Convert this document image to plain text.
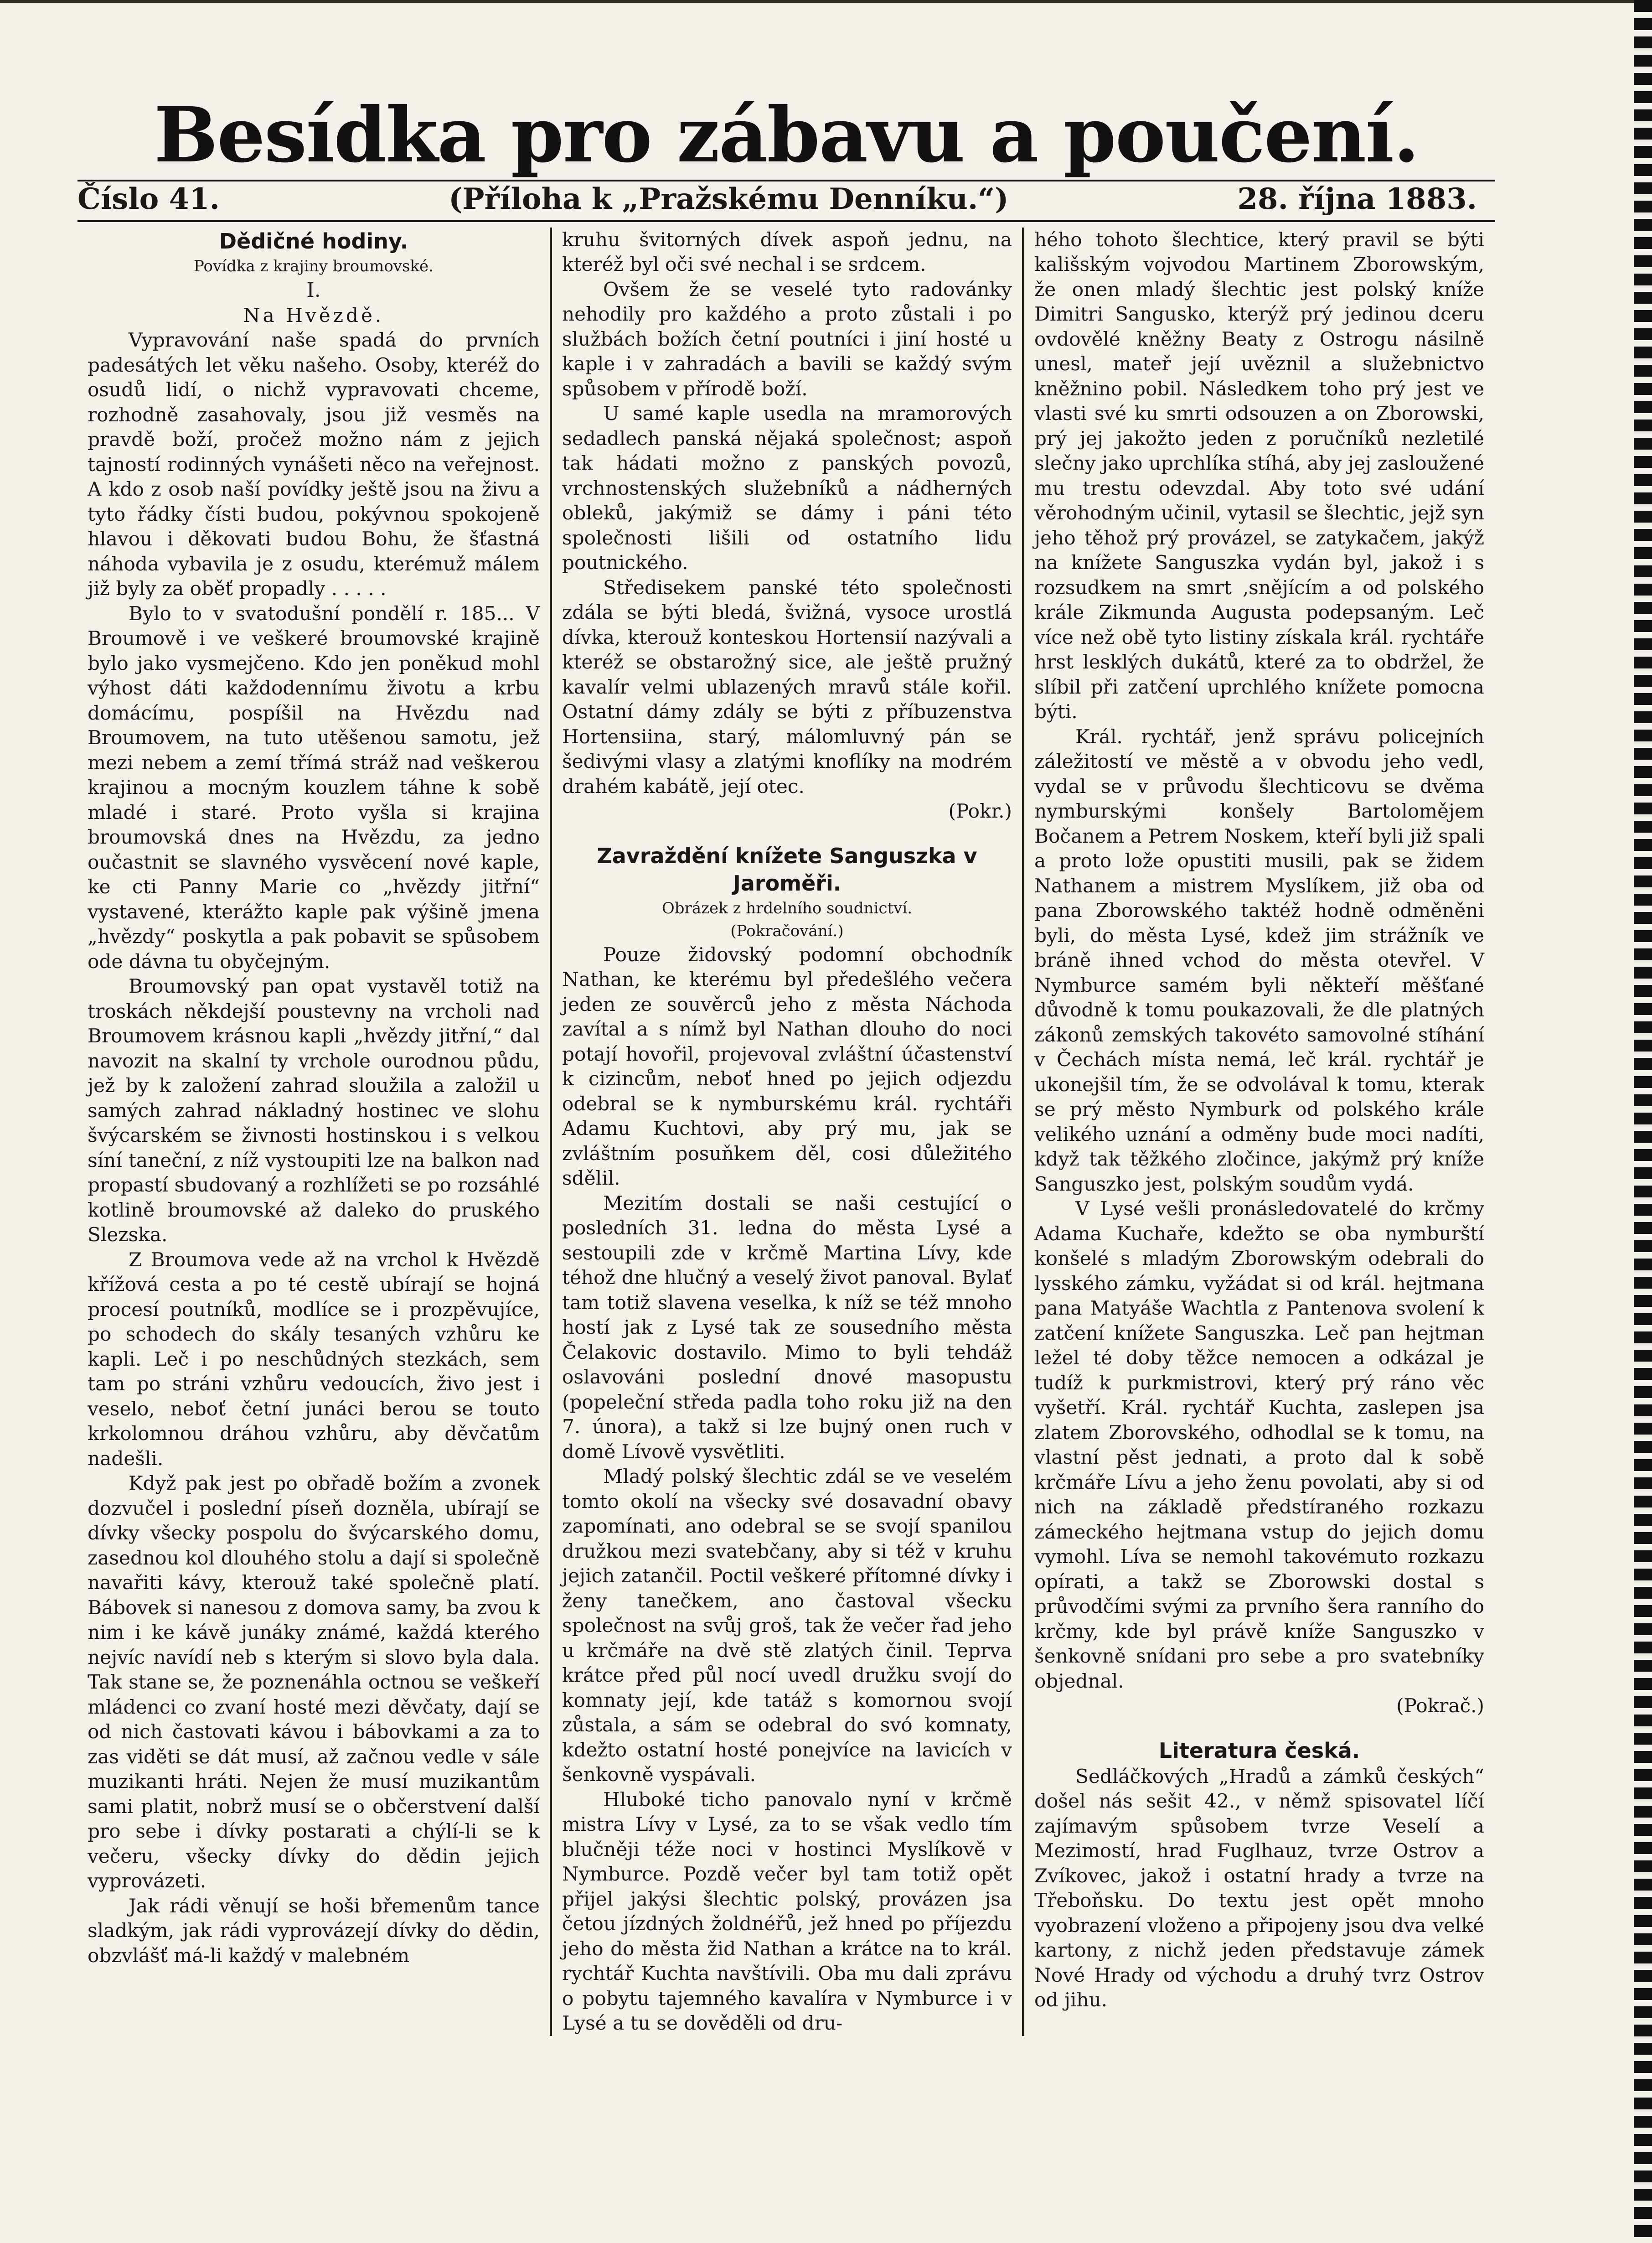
Besídka pro zábavu a poučení.
Číslo 41.	(Příloha k „Pražskému Denníku.“)	28. října 1883.
Dědičné hodiny.

Povídka z krajiny broumovské.

I.

Na Hvězdě.

Vypravování naše spadá do prvních padesátých let věku našeho. Osoby, kteréž do osudů lidí, o nichž vypravovati chceme, rozhodně zasahovaly, jsou již vesměs na pravdě boží, pročež možno nám z jejich tajností rodinných vynášeti něco na veřejnost. A kdo z osob naší povídky ještě jsou na živu a tyto řádky čísti budou, pokývnou spokojeně hlavou i děkovati budou Bohu, že šťastná náhoda vybavila je z osudu, kterémuž málem již byly za oběť propadly . . . . .

Bylo to v svatodušní pondělí r. 185... V Broumově i ve veškeré broumovské krajině bylo jako vysmejčeno. Kdo jen poněkud mohl výhost dáti každodennímu životu a krbu domácímu, pospíšil na Hvězdu nad Broumovem, na tuto utěšenou samotu, jež mezi nebem a zemí třímá stráž nad veškerou krajinou a mocným kouzlem táhne k sobě mladé i staré. Proto vyšla si krajina broumovská dnes na Hvězdu, za jedno oučastnit se slavného vysvěcení nové kaple, ke cti Panny Marie co „hvězdy jitřní“ vystavené, kterážto kaple pak výšině jmena „hvězdy“ poskytla a pak pobavit se spůsobem ode dávna tu obyčejným.

Broumovský pan opat vystavěl totiž na troskách někdejší poustevny na vrcholi nad Broumovem krásnou kapli „hvězdy jitřní,“ dal navozit na skalní ty vrchole ourodnou půdu, jež by k založení zahrad sloužila a založil u samých zahrad nákladný hostinec ve slohu švýcarském se živnosti hostinskou i s velkou síní taneční, z níž vystoupiti lze na balkon nad propastí sbudovaný a rozhlížeti se po rozsáhlé kotlině broumovské až daleko do pruského Slezska.

Z Broumova vede až na vrchol k Hvězdě křížová cesta a po té cestě ubírají se hojná procesí poutníků, modlíce se i prozpěvujíce, po schodech do skály tesaných vzhůru ke kapli. Leč i po neschůdných stezkách, sem tam po stráni vzhůru vedoucích, živo jest i veselo, neboť četní junáci berou se touto krkolomnou dráhou vzhůru, aby děvčatům nadešli.

Když pak jest po obřadě božím a zvonek dozvučel i poslední píseň dozněla, ubírají se dívky všecky pospolu do švýcarského domu, zasednou kol dlouhého stolu a dají si společně navařiti kávy, kterouž také společně platí. Bábovek si nanesou z domova samy, ba zvou k nim i ke kávě junáky známé, každá kterého nejvíc navídí neb s kterým si slovo byla dala. Tak stane se, že poznenáhla octnou se veškeří mládenci co zvaní hosté mezi děvčaty, dají se od nich častovati kávou i bábovkami a za to zas viděti se dát musí, až začnou vedle v sále muzikanti hráti. Nejen že musí muzikantům sami platit, nobrž musí se o občerstvení další pro sebe i dívky postarati a chýlí-li se k večeru, všecky dívky do dědin jejich vyprovázeti.

Jak rádi věnují se hoši břemenům tance sladkým, jak rádi vyprovázejí dívky do dědin, obzvlášť má-li každý v malebném

kruhu švitorných dívek aspoň jednu, na kteréž byl oči své nechal i se srdcem.

Ovšem že se veselé tyto radovánky nehodily pro každého a proto zůstali i po službách božích četní poutníci i jiní hosté u kaple i v zahradách a bavili se každý svým spůsobem v přírodě boží.

U samé kaple usedla na mramorových sedadlech panská nějaká společnost; aspoň tak hádati možno z panských povozů, vrchnostenských služebníků a nádherných obleků, jakýmiž se dámy i páni této společnosti lišili od ostatního lidu poutnického.

Středisekem panské této společnosti zdála se býti bledá, švižná, vysoce urostlá dívka, kterouž konteskou Hortensií nazývali a kteréž se obstarožný sice, ale ještě pružný kavalír velmi ublazených mravů stále kořil. Ostatní dámy zdály se býti z příbuzenstva Hortensiina, starý, málomluvný pán se šedivými vlasy a zlatými knoflíky na modrém drahém kabátě, její otec.

(Pokr.)

Zavraždění knížete Sanguszka v Jaroměři.

Obrázek z hrdelního soudnictví.

(Pokračování.)

Pouze židovský podomní obchodník Nathan, ke kterému byl předešlého večera jeden ze souvěrců jeho z města Náchoda zavítal a s nímž byl Nathan dlouho do noci potají hovořil, projevoval zvláštní účastenství k cizincům, neboť hned po jejich odjezdu odebral se k nymburskému král. rychtáři Adamu Kuchtovi, aby prý mu, jak se zvláštním posuňkem děl, cosi důležitého sdělil.

Mezitím dostali se naši cestující o posledních 31. ledna do města Lysé a sestoupili zde v krčmě Martina Lívy, kde téhož dne hlučný a veselý život panoval. Bylať tam totiž slavena veselka, k níž se též mnoho hostí jak z Lysé tak ze sousedního města Čelakovic dostavilo. Mimo to byli tehdáž oslavováni poslední dnové masopustu (popeleční středa padla toho roku již na den 7. února), a takž si lze bujný onen ruch v domě Lívově vysvětliti.

Mladý polský šlechtic zdál se ve veselém tomto okolí na všecky své dosavadní obavy zapomínati, ano odebral se se svojí spanilou družkou mezi svatebčany, aby si též v kruhu jejich zatančil. Poctil veškeré přítomné dívky i ženy tanečkem, ano častoval všecku společnost na svůj groš, tak že večer řad jeho u krčmáře na dvě stě zlatých činil. Teprva krátce před půl nocí uvedl družku svojí do komnaty její, kde tatáž s komornou svojí zůstala, a sám se odebral do svó komnaty, kdežto ostatní hosté ponejvíce na lavicích v šenkovně vyspávali.

Hluboké ticho panovalo nyní v krčmě mistra Lívy v Lysé, za to se však vedlo tím blučněji téže noci v hostinci Myslíkově v Nymburce. Pozdě večer byl tam totiž opět přijel jakýsi šlechtic polský, provázen jsa četou jízdných žoldnéřů, jež hned po příjezdu jeho do města žid Nathan a krátce na to král. rychtář Kuchta navštívili. Oba mu dali zprávu o pobytu tajemného kavalíra v Nymburce i v Lysé a tu se dověděli od dru-

hého tohoto šlechtice, který pravil se býti kališským vojvodou Martinem Zborowským, že onen mladý šlechtic jest polský kníže Dimitri Sangusko, kterýž prý jedinou dceru ovdovělé kněžny Beaty z Ostrogu násilně unesl, mateř její uvěznil a služebnictvo kněžnino pobil. Následkem toho prý jest ve vlasti své ku smrti odsouzen a on Zborowski, prý jej jakožto jeden z poručníků nezletilé slečny jako uprchlíka stíhá, aby jej zasloužené mu trestu odevzdal. Aby toto své udání věrohodným učinil, vytasil se šlechtic, jejž syn jeho těhož prý provázel, se zatykačem, jakýž na knížete Sanguszka vydán byl, jakož i s rozsudkem na smrt ‚snějícím a od polského krále Zikmunda Augusta podepsaným. Leč více než obě tyto listiny získala král. rychtáře hrst lesklých dukátů, které za to obdržel, že slíbil při zatčení uprchlého knížete pomocna býti.

Král. rychtář, jenž správu policejních záležitostí ve městě a v obvodu jeho vedl, vydal se v průvodu šlechticovu se dvěma nymburskými konšely Bartolomějem Bočanem a Petrem Noskem, kteří byli již spali a proto lože opustiti musili, pak se židem Nathanem a mistrem Myslíkem, již oba od pana Zborowského taktéž hodně odměněni byli, do města Lysé, kdež jim strážník ve bráně ihned vchod do města otevřel. V Nymburce samém byli někteří měšťané důvodně k tomu poukazovali, že dle platných zákonů zemských takovéto samovolné stíhání v Čechách místa nemá, leč král. rychtář je ukonejšil tím, že se odvolával k tomu, kterak se prý město Nymburk od polského krále velikého uznání a odměny bude moci nadíti, když tak těžkého zločince, jakýmž prý kníže Sanguszko jest, polským soudům vydá.

V Lysé vešli pronásledovatelé do krčmy Adama Kuchaře, kdežto se oba nymburští konšelé s mladým Zborowským odebrali do lysského zámku, vyžádat si od král. hejtmana pana Matyáše Wachtla z Pantenova svolení k zatčení knížete Sanguszka. Leč pan hejtman ležel té doby těžce nemocen a odkázal je tudíž k purkmistrovi, který prý ráno věc vyšetří. Král. rychtář Kuchta, zaslepen jsa zlatem Zborovského, odhodlal se k tomu, na vlastní pěst jednati, a proto dal k sobě krčmáře Lívu a jeho ženu povolati, aby si od nich na základě předstíraného rozkazu zámeckého hejtmana vstup do jejich domu vymohl. Líva se nemohl takovémuto rozkazu opírati, a takž se Zborowski dostal s průvodčími svými za prvního šera ranního do krčmy, kde byl právě kníže Sanguszko v šenkovně snídani pro sebe a pro svatebníky objednal.

(Pokrač.)

Literatura česká.

Sedláčkových „Hradů a zámků českých“ došel nás sešit 42., v němž spisovatel líčí zajímavým spůsobem tvrze Veselí a Mezimostí, hrad Fuglhauz, tvrze Ostrov a Zvíkovec, jakož i ostatní hrady a tvrze na Třeboňsku. Do textu jest opět mnoho vyobrazení vloženo a připojeny jsou dva velké kartony, z nichž jeden představuje zámek Nové Hrady od východu a druhý tvrz Ostrov od jihu.
